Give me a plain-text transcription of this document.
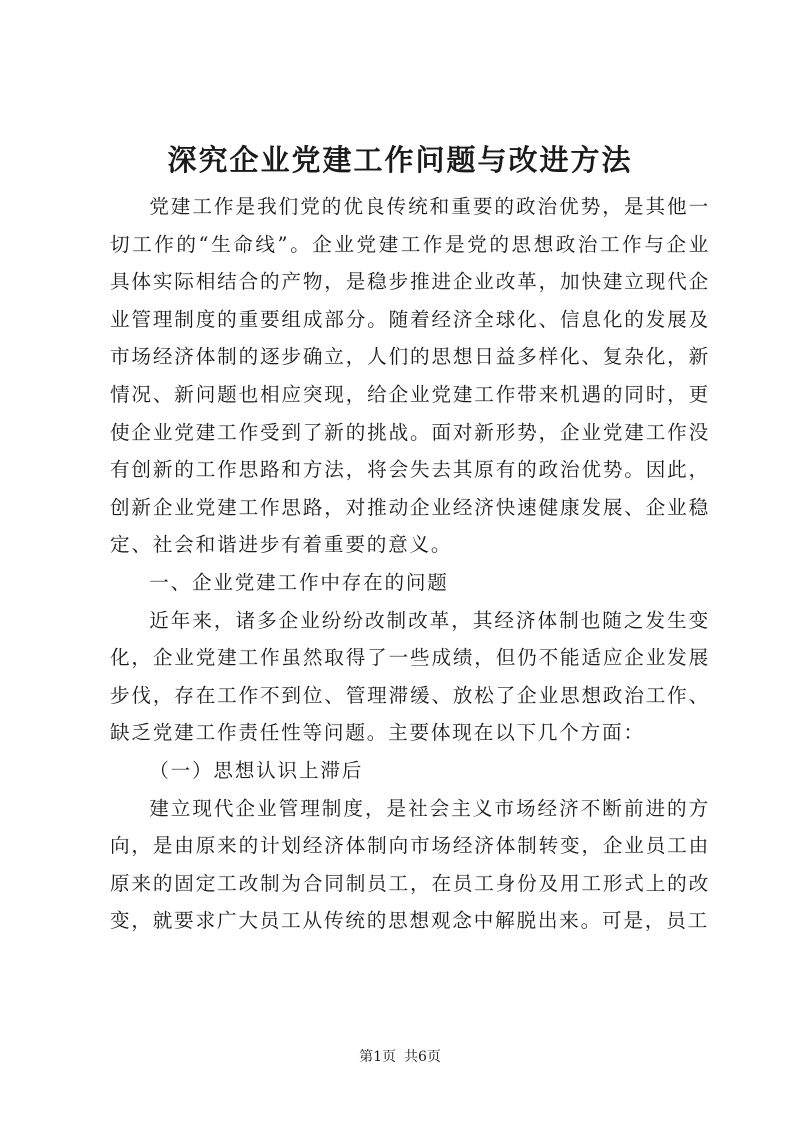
深究企业党建工作问题与改进方法

党建工作是我们党的优良传统和重要的政治优势，是其他一切工作的“生命线”。企业党建工作是党的思想政治工作与企业具体实际相结合的产物，是稳步推进企业改革，加快建立现代企业管理制度的重要组成部分。随着经济全球化、信息化的发展及市场经济体制的逐步确立，人们的思想日益多样化、复杂化，新情况、新问题也相应突现，给企业党建工作带来机遇的同时，更使企业党建工作受到了新的挑战。面对新形势，企业党建工作没有创新的工作思路和方法，将会失去其原有的政治优势。因此，创新企业党建工作思路，对推动企业经济快速健康发展、企业稳定、社会和谐进步有着重要的意义。

一、企业党建工作中存在的问题

近年来，诸多企业纷纷改制改革，其经济体制也随之发生变化，企业党建工作虽然取得了一些成绩，但仍不能适应企业发展步伐，存在工作不到位、管理滞缓、放松了企业思想政治工作、缺乏党建工作责任性等问题。主要体现在以下几个方面：

（一）思想认识上滞后

建立现代企业管理制度，是社会主义市场经济不断前进的方向，是由原来的计划经济体制向市场经济体制转变，企业员工由原来的固定工改制为合同制员工，在员工身份及用工形式上的改变，就要求广大员工从传统的思想观念中解脱出来。可是，员工

第1页 共6页
